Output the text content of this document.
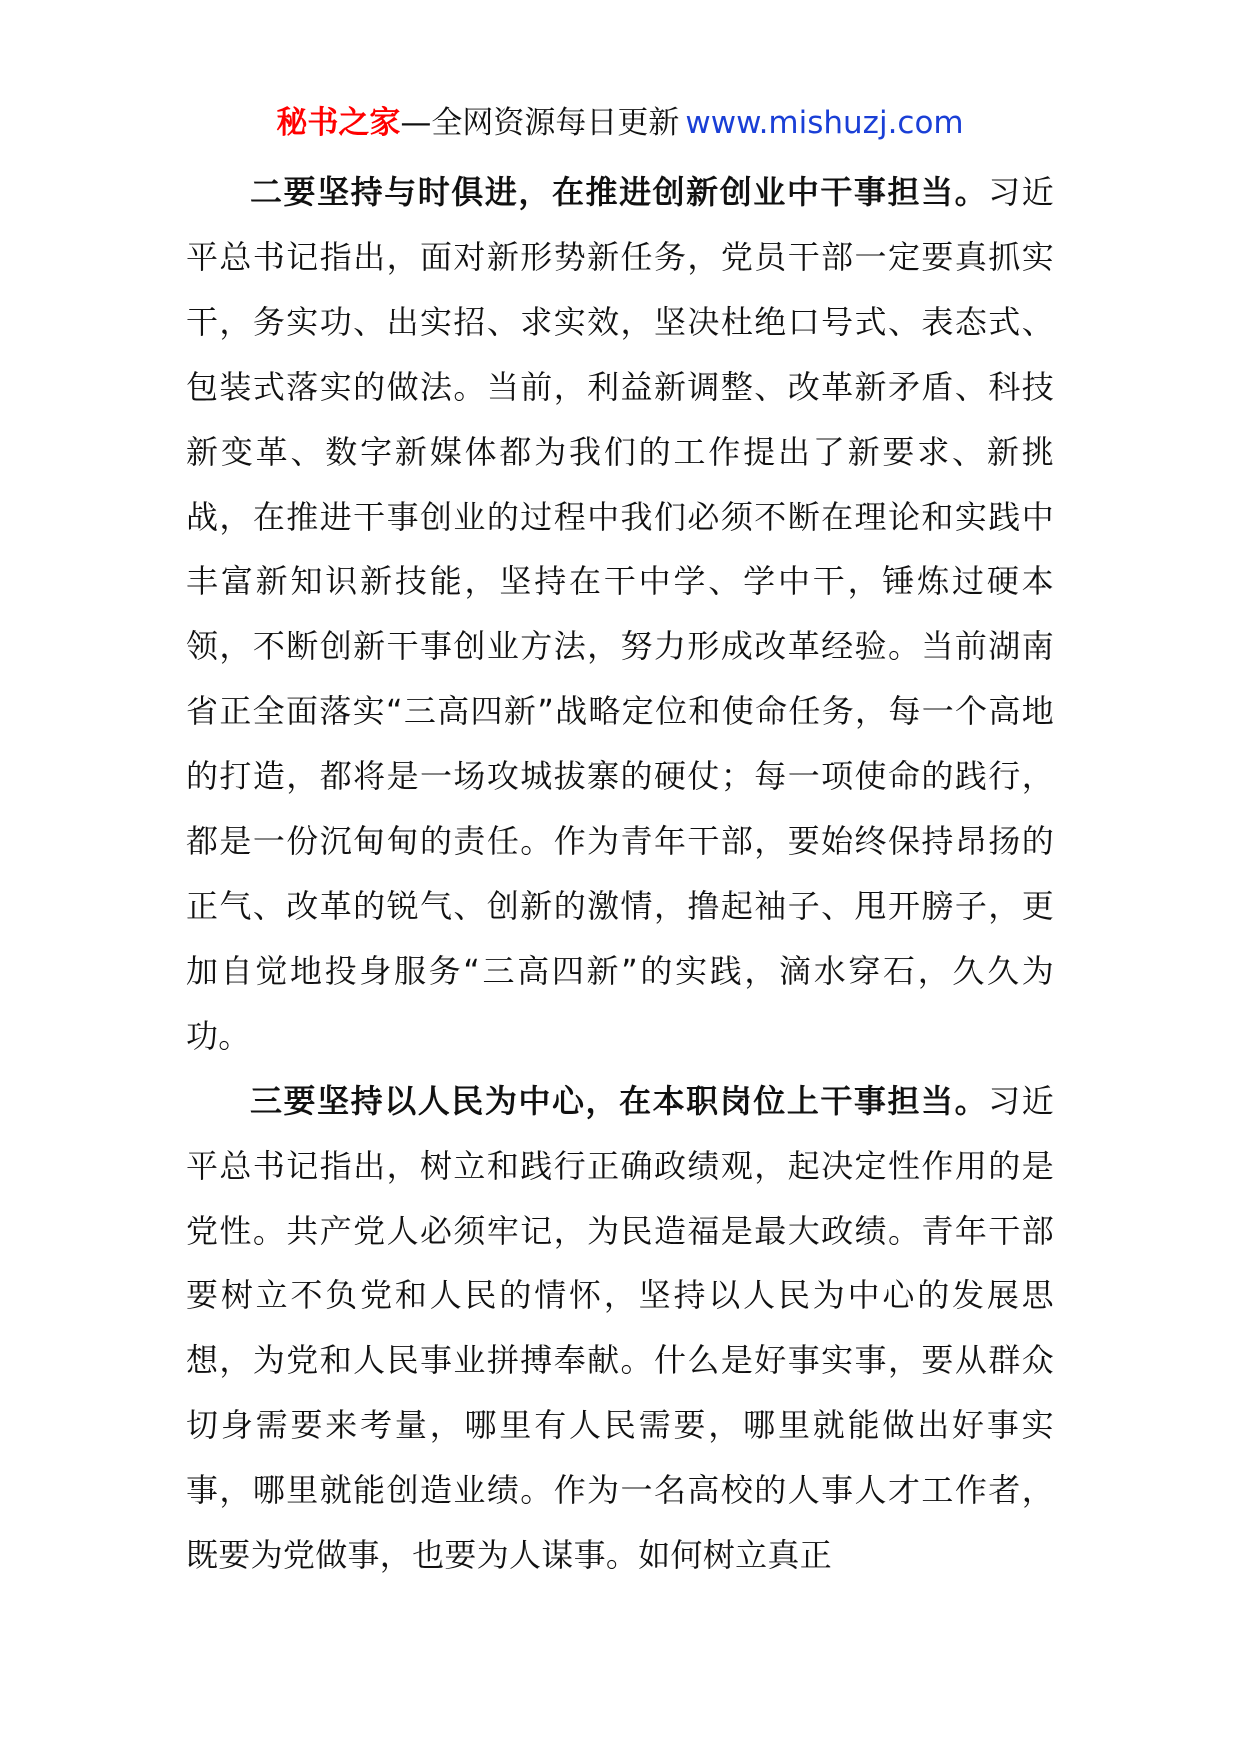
秘书之家—全网资源每日更新 www.mishuzj.com

二要坚持与时俱进，在推进创新创业中干事担当。习近平总书记指出，面对新形势新任务，党员干部一定要真抓实干，务实功、出实招、求实效，坚决杜绝口号式、表态式、包装式落实的做法。当前，利益新调整、改革新矛盾、科技新变革、数字新媒体都为我们的工作提出了新要求、新挑战，在推进干事创业的过程中我们必须不断在理论和实践中丰富新知识新技能，坚持在干中学、学中干，锤炼过硬本领，不断创新干事创业方法，努力形成改革经验。当前湖南省正全面落实“三高四新”战略定位和使命任务，每一个高地的打造，都将是一场攻城拔寨的硬仗；每一项使命的践行，都是一份沉甸甸的责任。作为青年干部，要始终保持昂扬的正气、改革的锐气、创新的激情，撸起袖子、甩开膀子，更加自觉地投身服务“三高四新”的实践，滴水穿石，久久为功。

三要坚持以人民为中心，在本职岗位上干事担当。习近平总书记指出，树立和践行正确政绩观，起决定性作用的是党性。共产党人必须牢记，为民造福是最大政绩。青年干部要树立不负党和人民的情怀，坚持以人民为中心的发展思想，为党和人民事业拼搏奉献。什么是好事实事，要从群众切身需要来考量，哪里有人民需要，哪里就能做出好事实事，哪里就能创造业绩。作为一名高校的人事人才工作者，既要为党做事，也要为人谋事。如何树立真正
